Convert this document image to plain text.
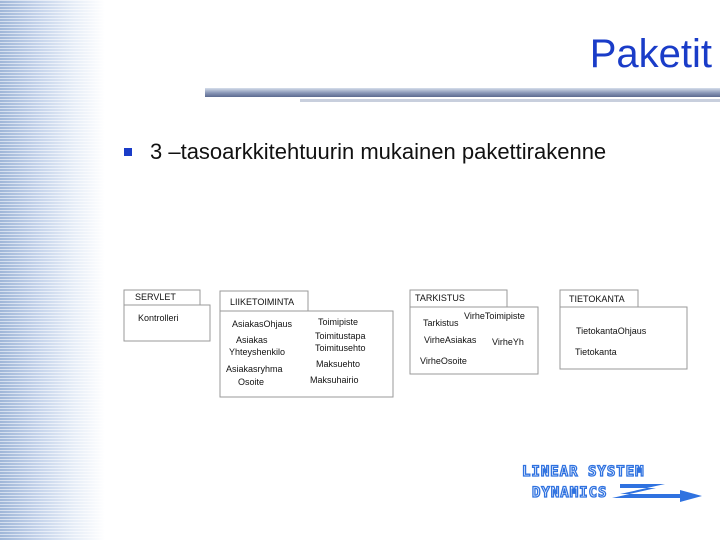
Paketit
3 –tasoarkkitehtuurin mukainen pakettirakenne
SERVLET
Kontrolleri
LIIKETOIMINTA
AsiakasOhjaus
Asiakas
Yhteyshenkilo
Asiakasryhma
Osoite
Toimipiste
Toimitustapa
Toimitusehto
Maksuehto
Maksuhairio
TARKISTUS
VirheToimipiste
Tarkistus
VirheAsiakas VirheYh
VirheOsoite
TIETOKANTA
TietokantaOhjaus
Tietokanta
LINEAR SYSTEM
DYNAMICS
